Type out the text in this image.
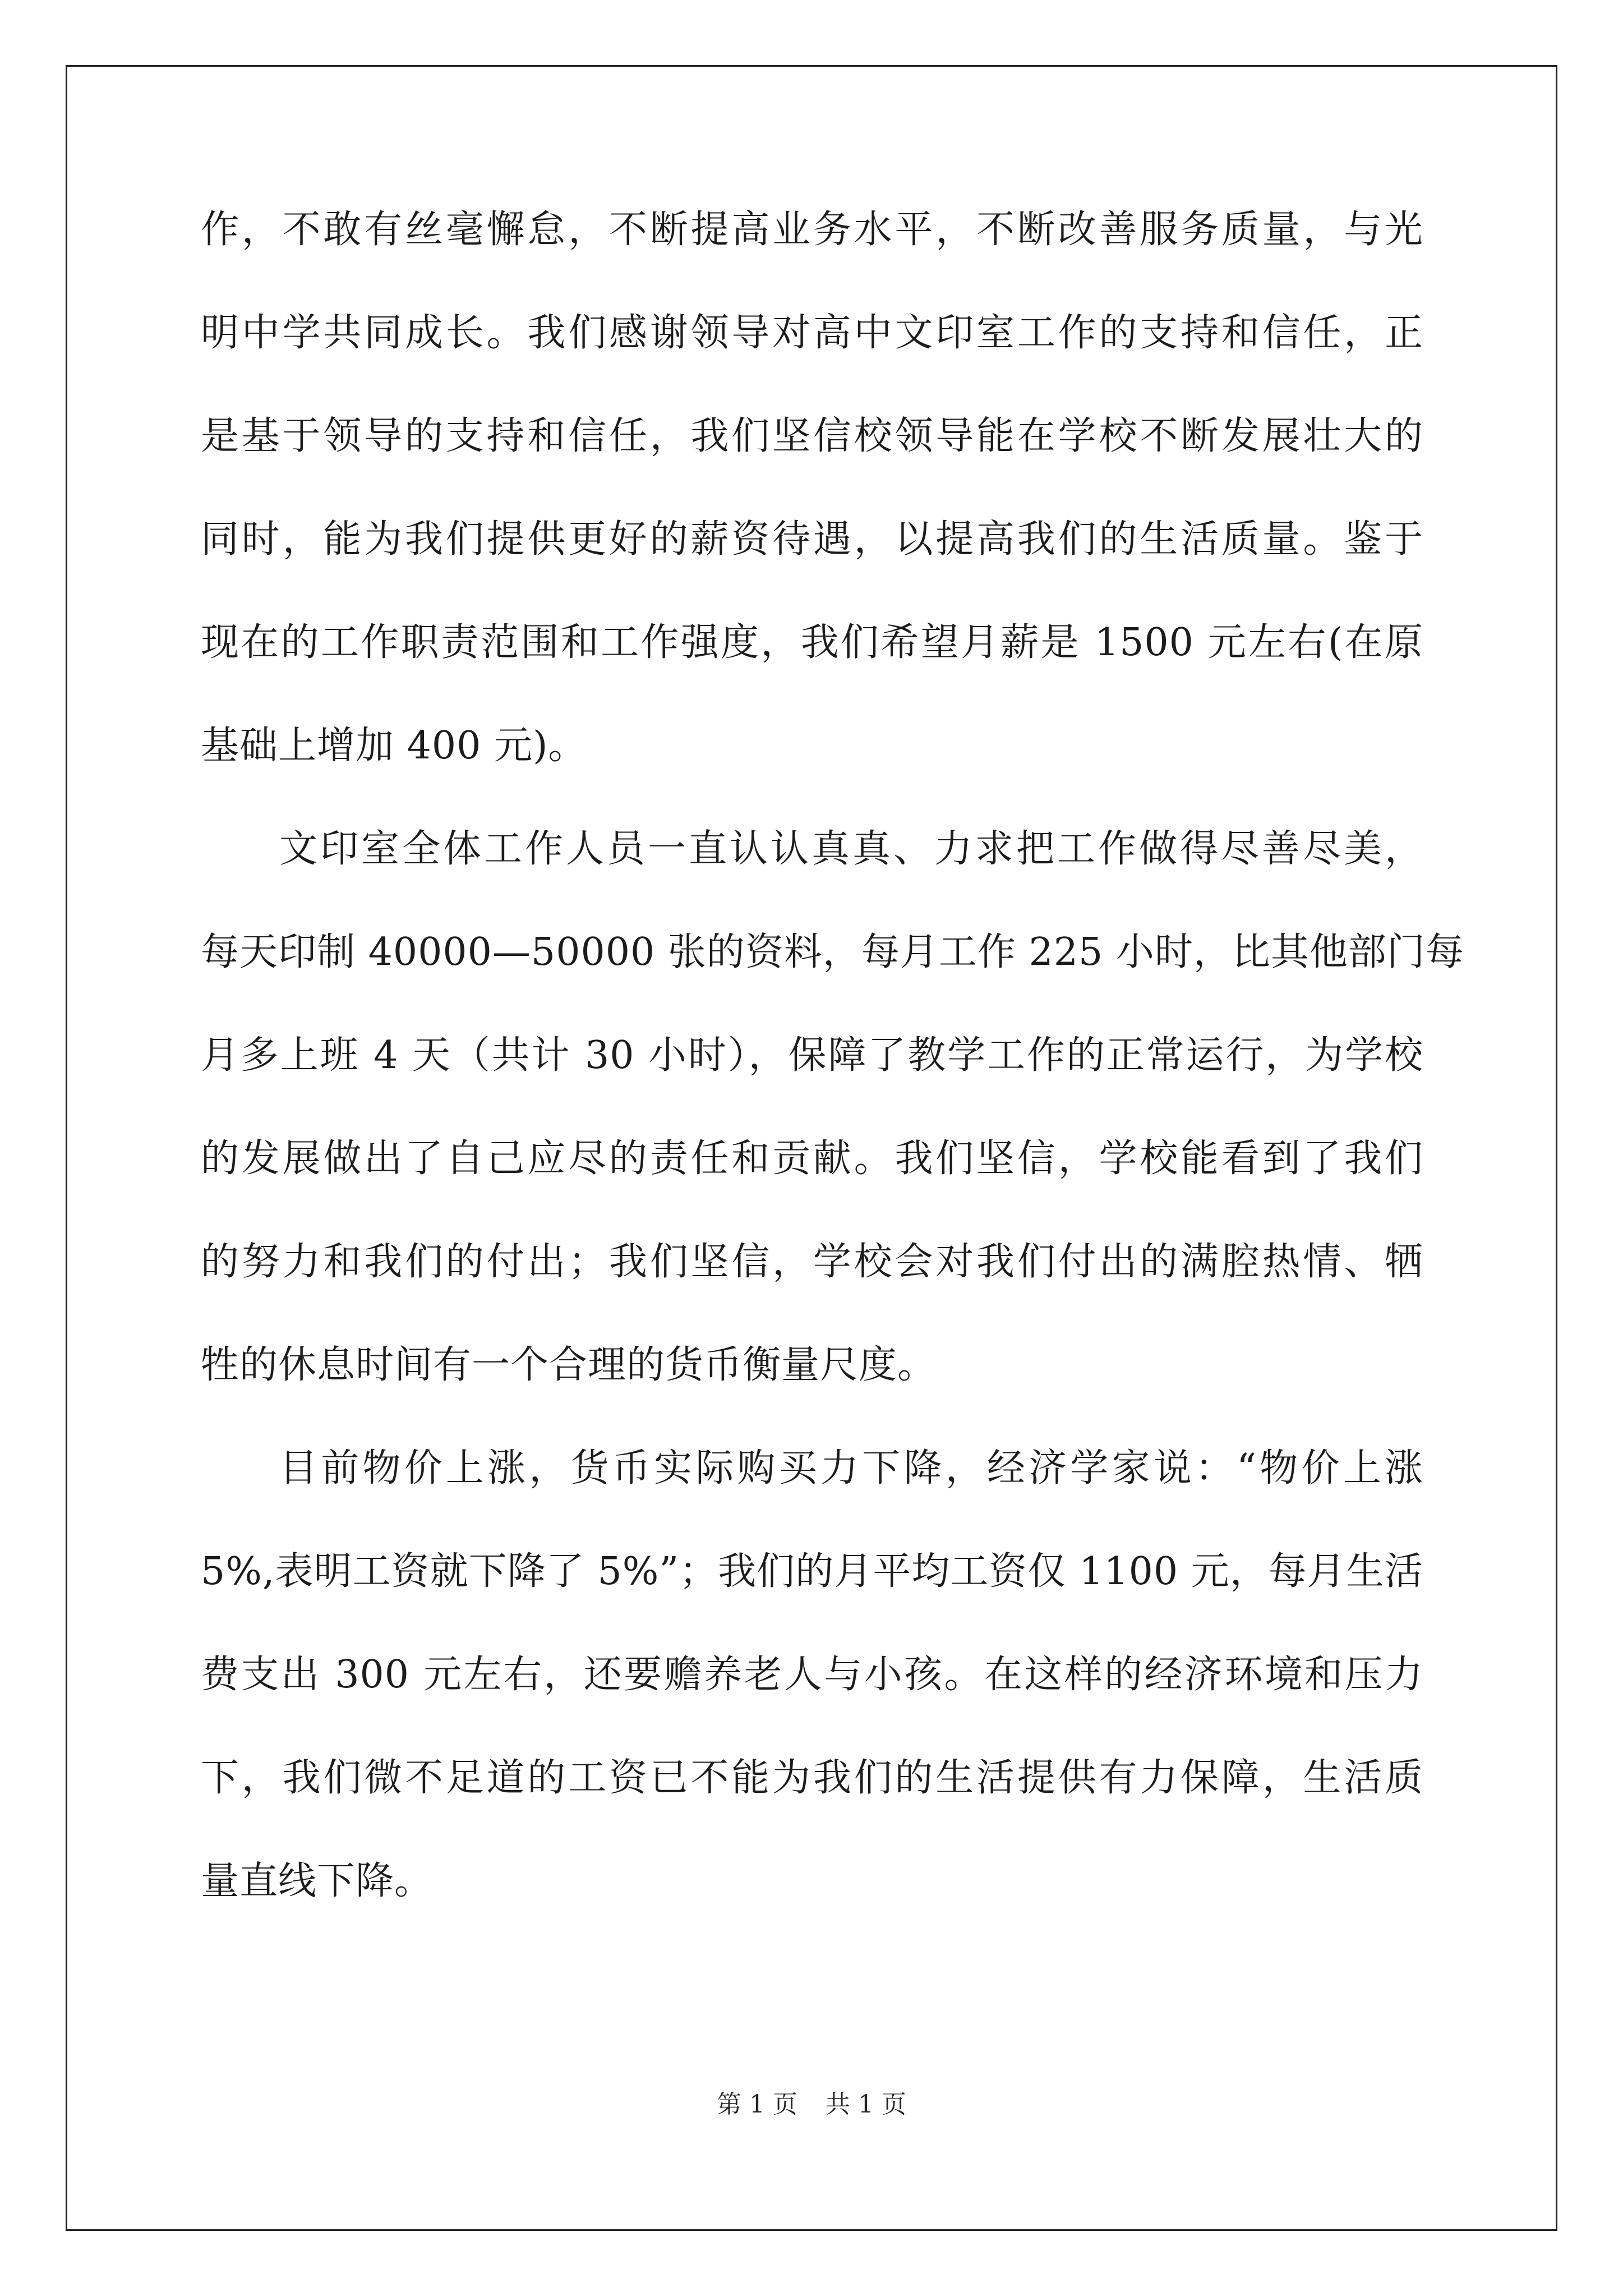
作，不敢有丝毫懈怠，不断提高业务水平，不断改善服务质量，与光
明中学共同成长。我们感谢领导对高中文印室工作的支持和信任，正
是基于领导的支持和信任，我们坚信校领导能在学校不断发展壮大的
同时，能为我们提供更好的薪资待遇，以提高我们的生活质量。鉴于
现在的工作职责范围和工作强度，我们希望月薪是 1500 元左右(在原
基础上增加 400 元)。
文印室全体工作人员一直认认真真、力求把工作做得尽善尽美，
每天印制 40000—50000 张的资料，每月工作 225 小时，比其他部门每
月多上班 4 天（共计 30 小时），保障了教学工作的正常运行，为学校
的发展做出了自己应尽的责任和贡献。我们坚信，学校能看到了我们
的努力和我们的付出；我们坚信，学校会对我们付出的满腔热情、牺
牲的休息时间有一个合理的货币衡量尺度。
目前物价上涨，货币实际购买力下降，经济学家说：“物价上涨
5%,表明工资就下降了 5%”；我们的月平均工资仅 1100 元，每月生活
费支出 300 元左右，还要赡养老人与小孩。在这样的经济环境和压力
下，我们微不足道的工资已不能为我们的生活提供有力保障，生活质
量直线下降。
第 1 页 共 1 页
